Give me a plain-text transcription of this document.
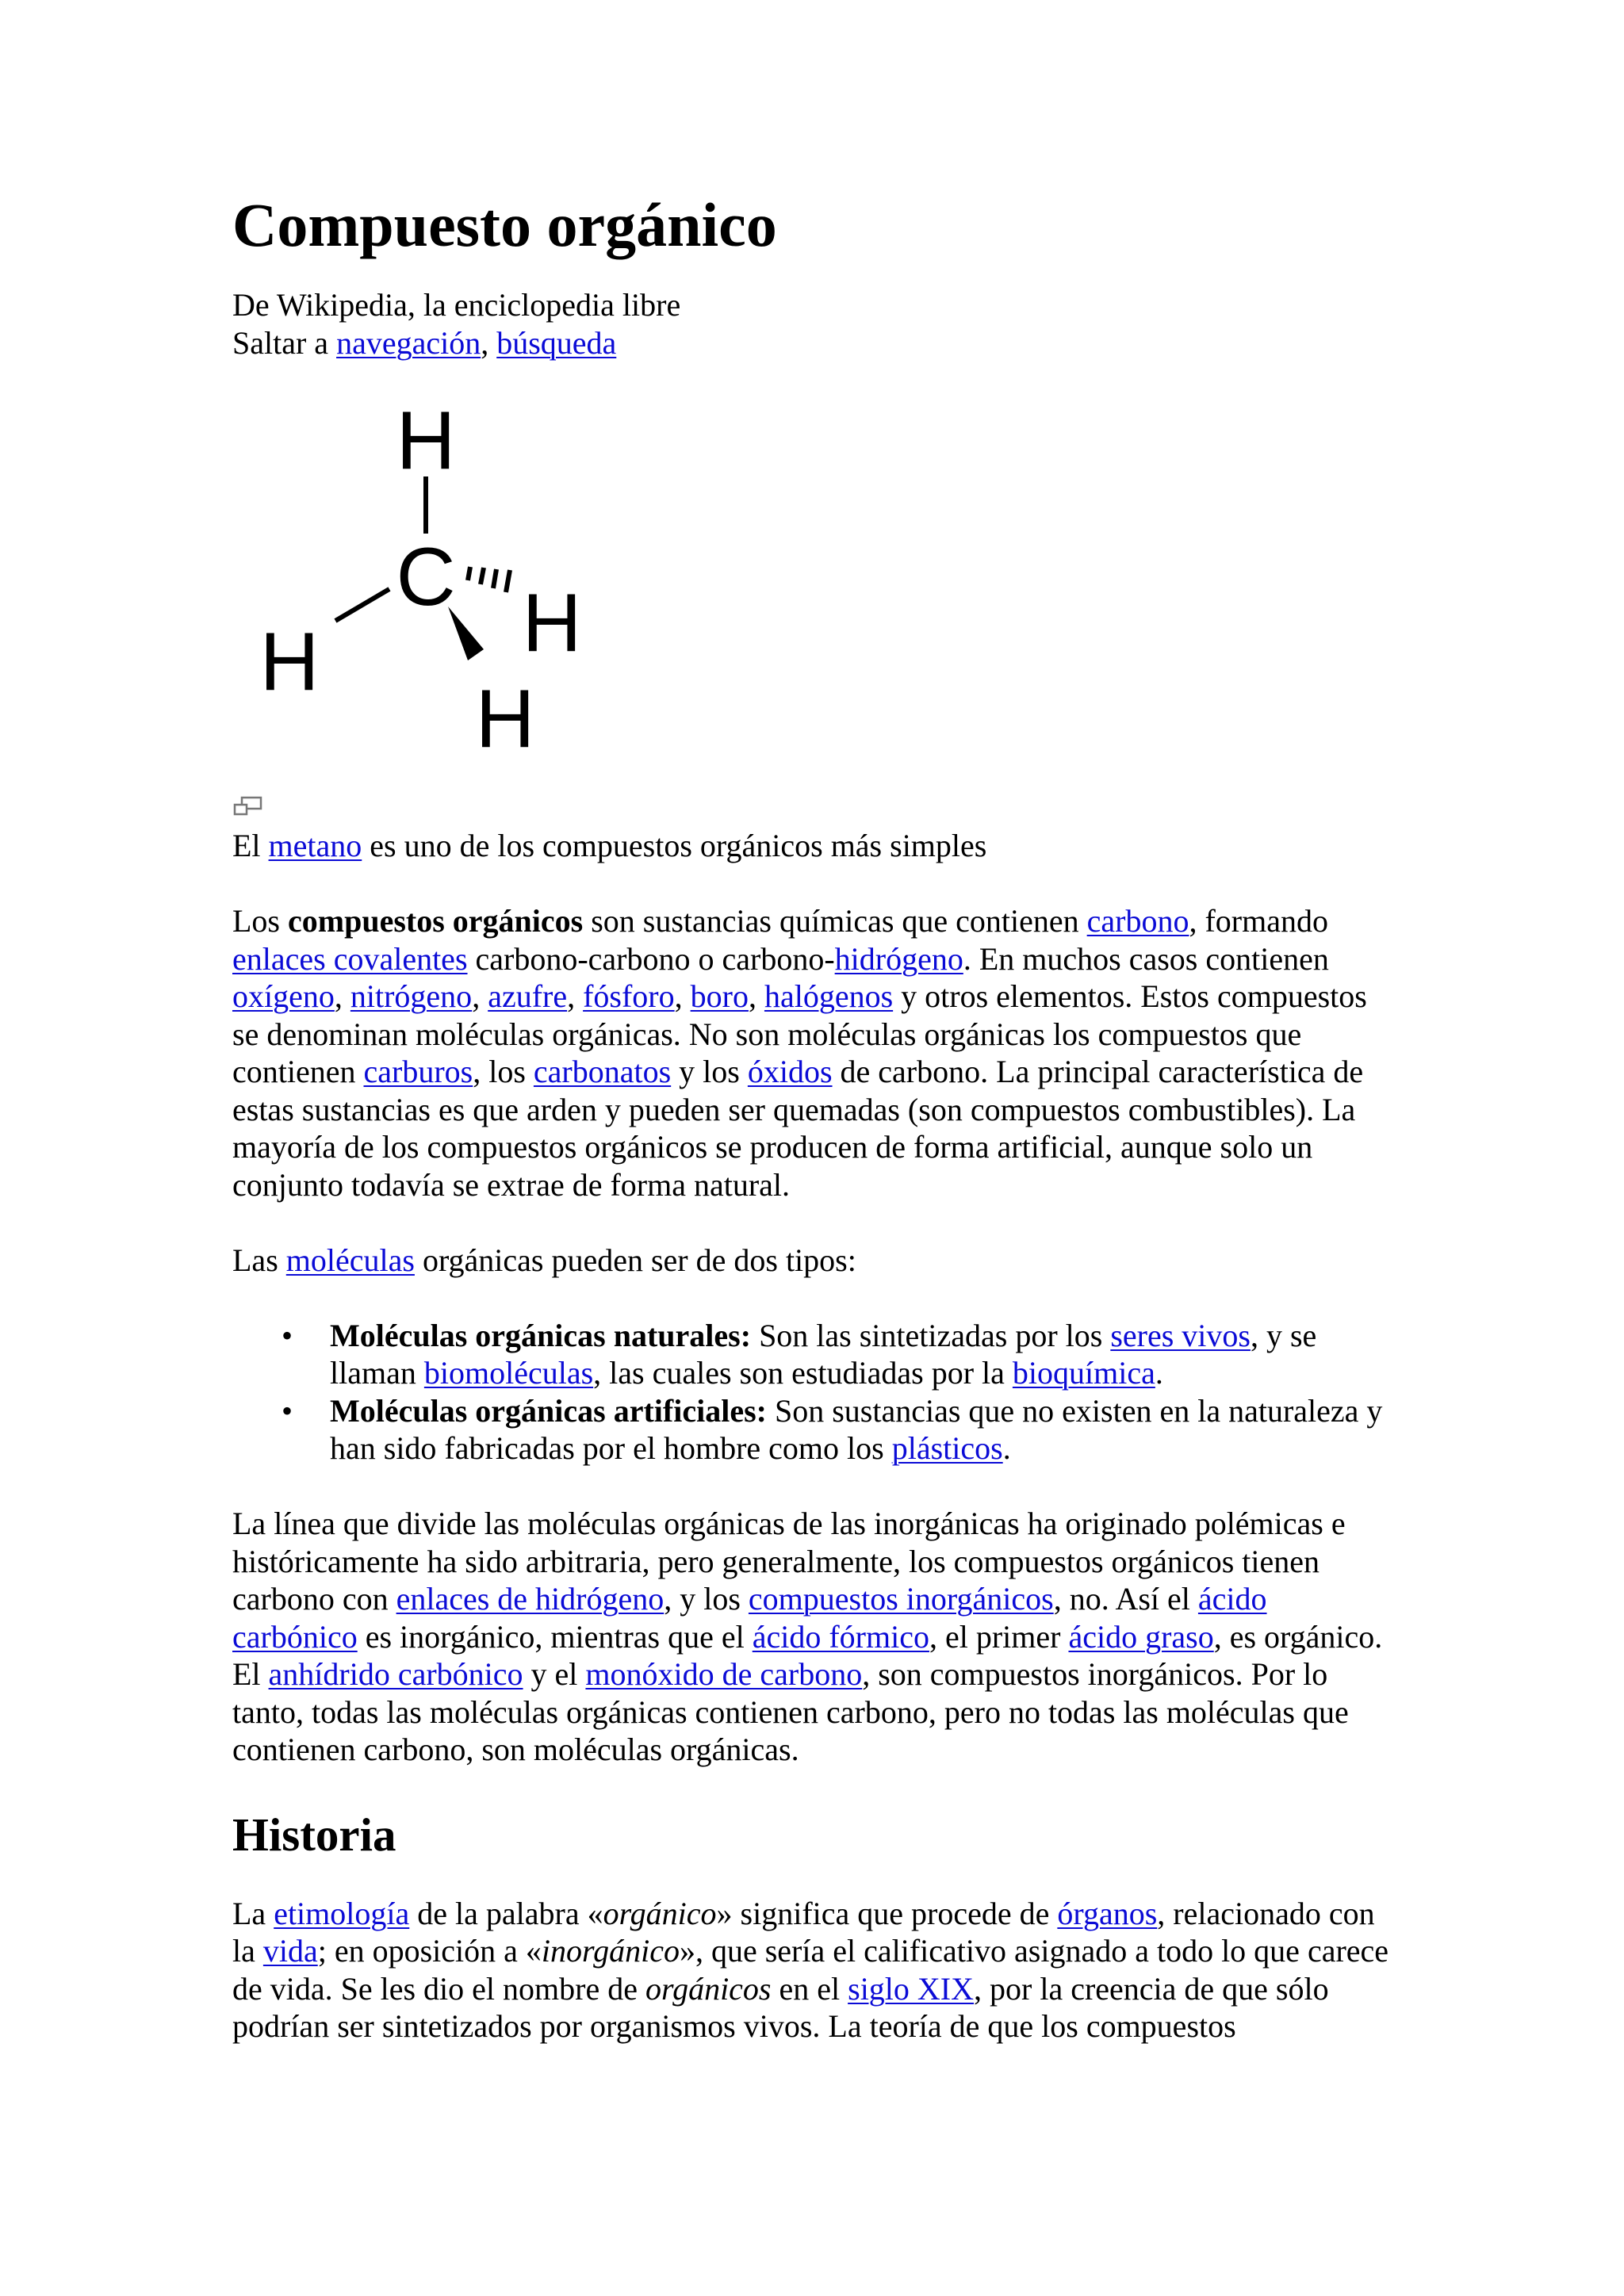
Compuesto orgánico
De Wikipedia, la enciclopedia libre
Saltar a navegación, búsqueda
H
C
H H
H
El metano es uno de los compuestos orgánicos más simples

Los compuestos orgánicos son sustancias químicas que contienen carbono, formando enlaces covalentes carbono-carbono o carbono-hidrógeno. En muchos casos contienen oxígeno, nitrógeno, azufre, fósforo, boro, halógenos y otros elementos. Estos compuestos se denominan moléculas orgánicas. No son moléculas orgánicas los compuestos que contienen carburos, los carbonatos y los óxidos de carbono. La principal característica de estas sustancias es que arden y pueden ser quemadas (son compuestos combustibles). La mayoría de los compuestos orgánicos se producen de forma artificial, aunque solo un conjunto todavía se extrae de forma natural.

Las moléculas orgánicas pueden ser de dos tipos:

• Moléculas orgánicas naturales: Son las sintetizadas por los seres vivos, y se llaman biomoléculas, las cuales son estudiadas por la bioquímica.
• Moléculas orgánicas artificiales: Son sustancias que no existen en la naturaleza y han sido fabricadas por el hombre como los plásticos.

La línea que divide las moléculas orgánicas de las inorgánicas ha originado polémicas e históricamente ha sido arbitraria, pero generalmente, los compuestos orgánicos tienen carbono con enlaces de hidrógeno, y los compuestos inorgánicos, no. Así el ácido carbónico es inorgánico, mientras que el ácido fórmico, el primer ácido graso, es orgánico. El anhídrido carbónico y el monóxido de carbono, son compuestos inorgánicos. Por lo tanto, todas las moléculas orgánicas contienen carbono, pero no todas las moléculas que contienen carbono, son moléculas orgánicas.

Historia

La etimología de la palabra «orgánico» significa que procede de órganos, relacionado con la vida; en oposición a «inorgánico», que sería el calificativo asignado a todo lo que carece de vida. Se les dio el nombre de orgánicos en el siglo XIX, por la creencia de que sólo podrían ser sintetizados por organismos vivos. La teoría de que los compuestos
